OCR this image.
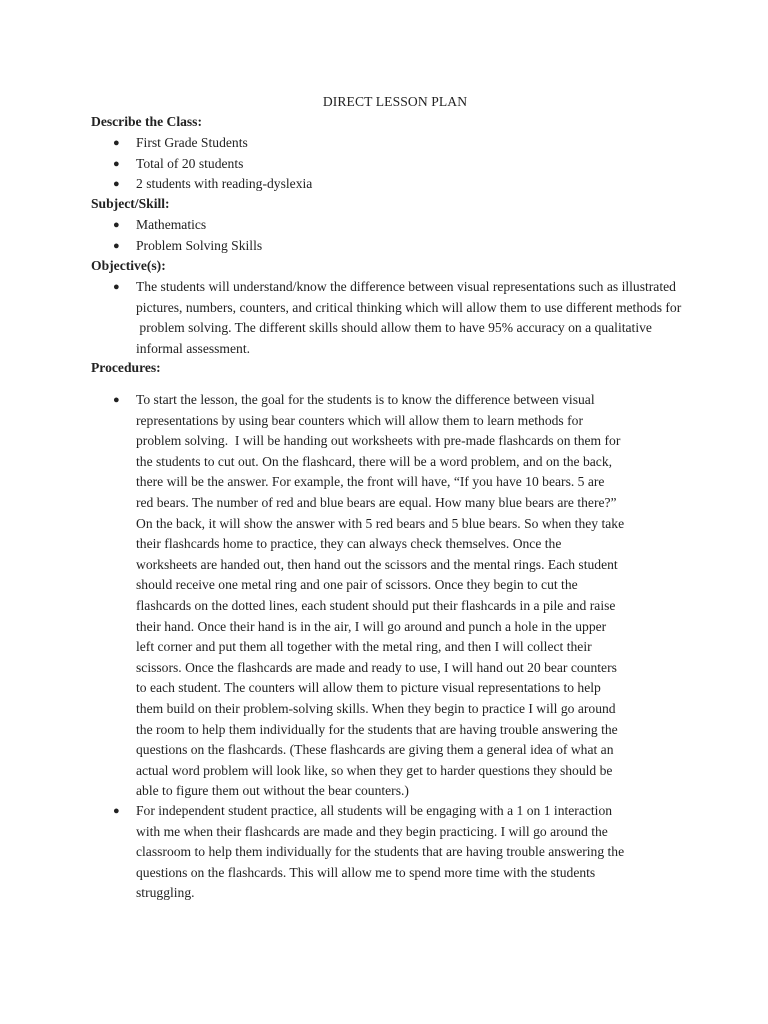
DIRECT LESSON PLAN
Describe the Class:
● First Grade Students
● Total of 20 students
● 2 students with reading-dyslexia
Subject/Skill:
● Mathematics
● Problem Solving Skills
Objective(s):
● The students will understand/know the difference between visual representations such as illustrated
pictures, numbers, counters, and critical thinking which will allow them to use different methods for
problem solving. The different skills should allow them to have 95% accuracy on a qualitative
informal assessment.
Procedures:
● To start the lesson, the goal for the students is to know the difference between visual
representations by using bear counters which will allow them to learn methods for
problem solving.  I will be handing out worksheets with pre-made flashcards on them for
the students to cut out. On the flashcard, there will be a word problem, and on the back,
there will be the answer. For example, the front will have, “If you have 10 bears. 5 are
red bears. The number of red and blue bears are equal. How many blue bears are there?”
On the back, it will show the answer with 5 red bears and 5 blue bears. So when they take
their flashcards home to practice, they can always check themselves. Once the
worksheets are handed out, then hand out the scissors and the mental rings. Each student
should receive one metal ring and one pair of scissors. Once they begin to cut the
flashcards on the dotted lines, each student should put their flashcards in a pile and raise
their hand. Once their hand is in the air, I will go around and punch a hole in the upper
left corner and put them all together with the metal ring, and then I will collect their
scissors. Once the flashcards are made and ready to use, I will hand out 20 bear counters
to each student. The counters will allow them to picture visual representations to help
them build on their problem-solving skills. When they begin to practice I will go around
the room to help them individually for the students that are having trouble answering the
questions on the flashcards. (These flashcards are giving them a general idea of what an
actual word problem will look like, so when they get to harder questions they should be
able to figure them out without the bear counters.)
● For independent student practice, all students will be engaging with a 1 on 1 interaction
with me when their flashcards are made and they begin practicing. I will go around the
classroom to help them individually for the students that are having trouble answering the
questions on the flashcards. This will allow me to spend more time with the students
struggling.
